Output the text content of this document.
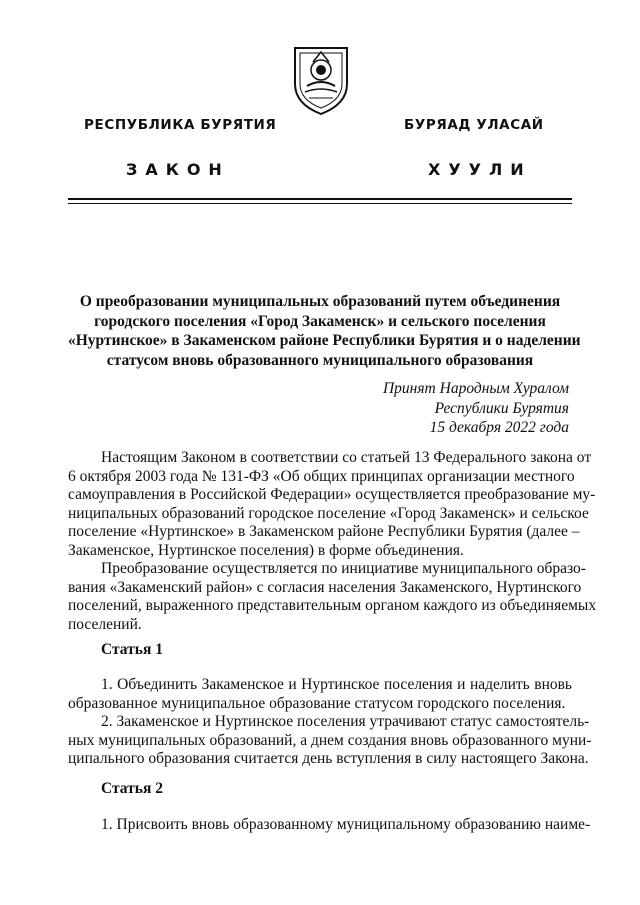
РЕСПУБЛИКА БУРЯТИЯ	БУРЯАД УЛАСАЙ
ЗАКОН	ХУУЛИ
О преобразовании муниципальных образований путем объединения
городского поселения «Город Закаменск» и сельского поселения
«Нуртинское» в Закаменском районе Республики Бурятия и о наделении
статусом вновь образованного муниципального образования
Принят Народным Хуралом
Республики Бурятия
15 декабря 2022 года
Настоящим Законом в соответствии со статьей 13 Федерального закона от
6 октября 2003 года № 131-ФЗ «Об общих принципах организации местного
самоуправления в Российской Федерации» осуществляется преобразование му-
ниципальных образований городское поселение «Город Закаменск» и сельское
поселение «Нуртинское» в Закаменском районе Республики Бурятия (далее –
Закаменское, Нуртинское поселения) в форме объединения.
Преобразование осуществляется по инициативе муниципального образо-
вания «Закаменский район» с согласия населения Закаменского, Нуртинского
поселений, выраженного представительным органом каждого из объединяемых
поселений.
Статья 1
1. Объединить Закаменское и Нуртинское поселения и наделить вновь
образованное муниципальное образование статусом городского поселения.
2. Закаменское и Нуртинское поселения утрачивают статус самостоятель-
ных муниципальных образований, а днем создания вновь образованного муни-
ципального образования считается день вступления в силу настоящего Закона.
Статья 2
1. Присвоить вновь образованному муниципальному образованию наиме-
